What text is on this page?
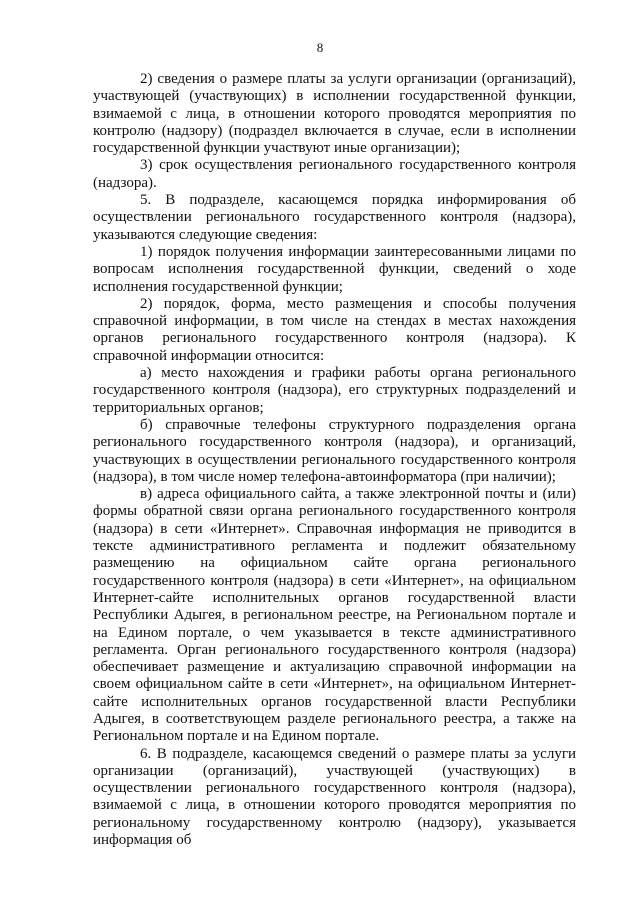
8

2) сведения о размере платы за услуги организации (организаций), участвующей (участвующих) в исполнении государственной функции, взимаемой с лица, в отношении которого проводятся мероприятия по контролю (надзору) (подраздел включается в случае, если в исполнении государственной функции участвуют иные организации);

3) срок осуществления регионального государственного контроля (надзора).

5. В подразделе, касающемся порядка информирования об осуществлении регионального государственного контроля (надзора), указываются следующие сведения:

1) порядок получения информации заинтересованными лицами по вопросам исполнения государственной функции, сведений о ходе исполнения государственной функции;

2) порядок, форма, место размещения и способы получения справочной информации, в том числе на стендах в местах нахождения органов регионального государственного контроля (надзора). К справочной информации относится:

а) место нахождения и графики работы органа регионального государственного контроля (надзора), его структурных подразделений и территориальных органов;

б) справочные телефоны структурного подразделения органа регионального государственного контроля (надзора), и организаций, участвующих в осуществлении регионального государственного контроля (надзора), в том числе номер телефона-автоинформатора (при наличии);

в) адреса официального сайта, а также электронной почты и (или) формы обратной связи органа регионального государственного контроля (надзора) в сети «Интернет». Справочная информация не приводится в тексте административного регламента и подлежит обязательному размещению на официальном сайте органа регионального государственного контроля (надзора) в сети «Интернет», на официальном Интернет-сайте исполнительных органов государственной власти Республики Адыгея, в региональном реестре, на Региональном портале и на Едином портале, о чем указывается в тексте административного регламента. Орган регионального государственного контроля (надзора) обеспечивает размещение и актуализацию справочной информации на своем официальном сайте в сети «Интернет», на официальном Интернет-сайте исполнительных органов государственной власти Республики Адыгея, в соответствующем разделе регионального реестра, а также на Региональном портале и на Едином портале.

6. В подразделе, касающемся сведений о размере платы за услуги организации (организаций), участвующей (участвующих) в осуществлении регионального государственного контроля (надзора), взимаемой с лица, в отношении которого проводятся мероприятия по региональному государственному контролю (надзору), указывается информация об
